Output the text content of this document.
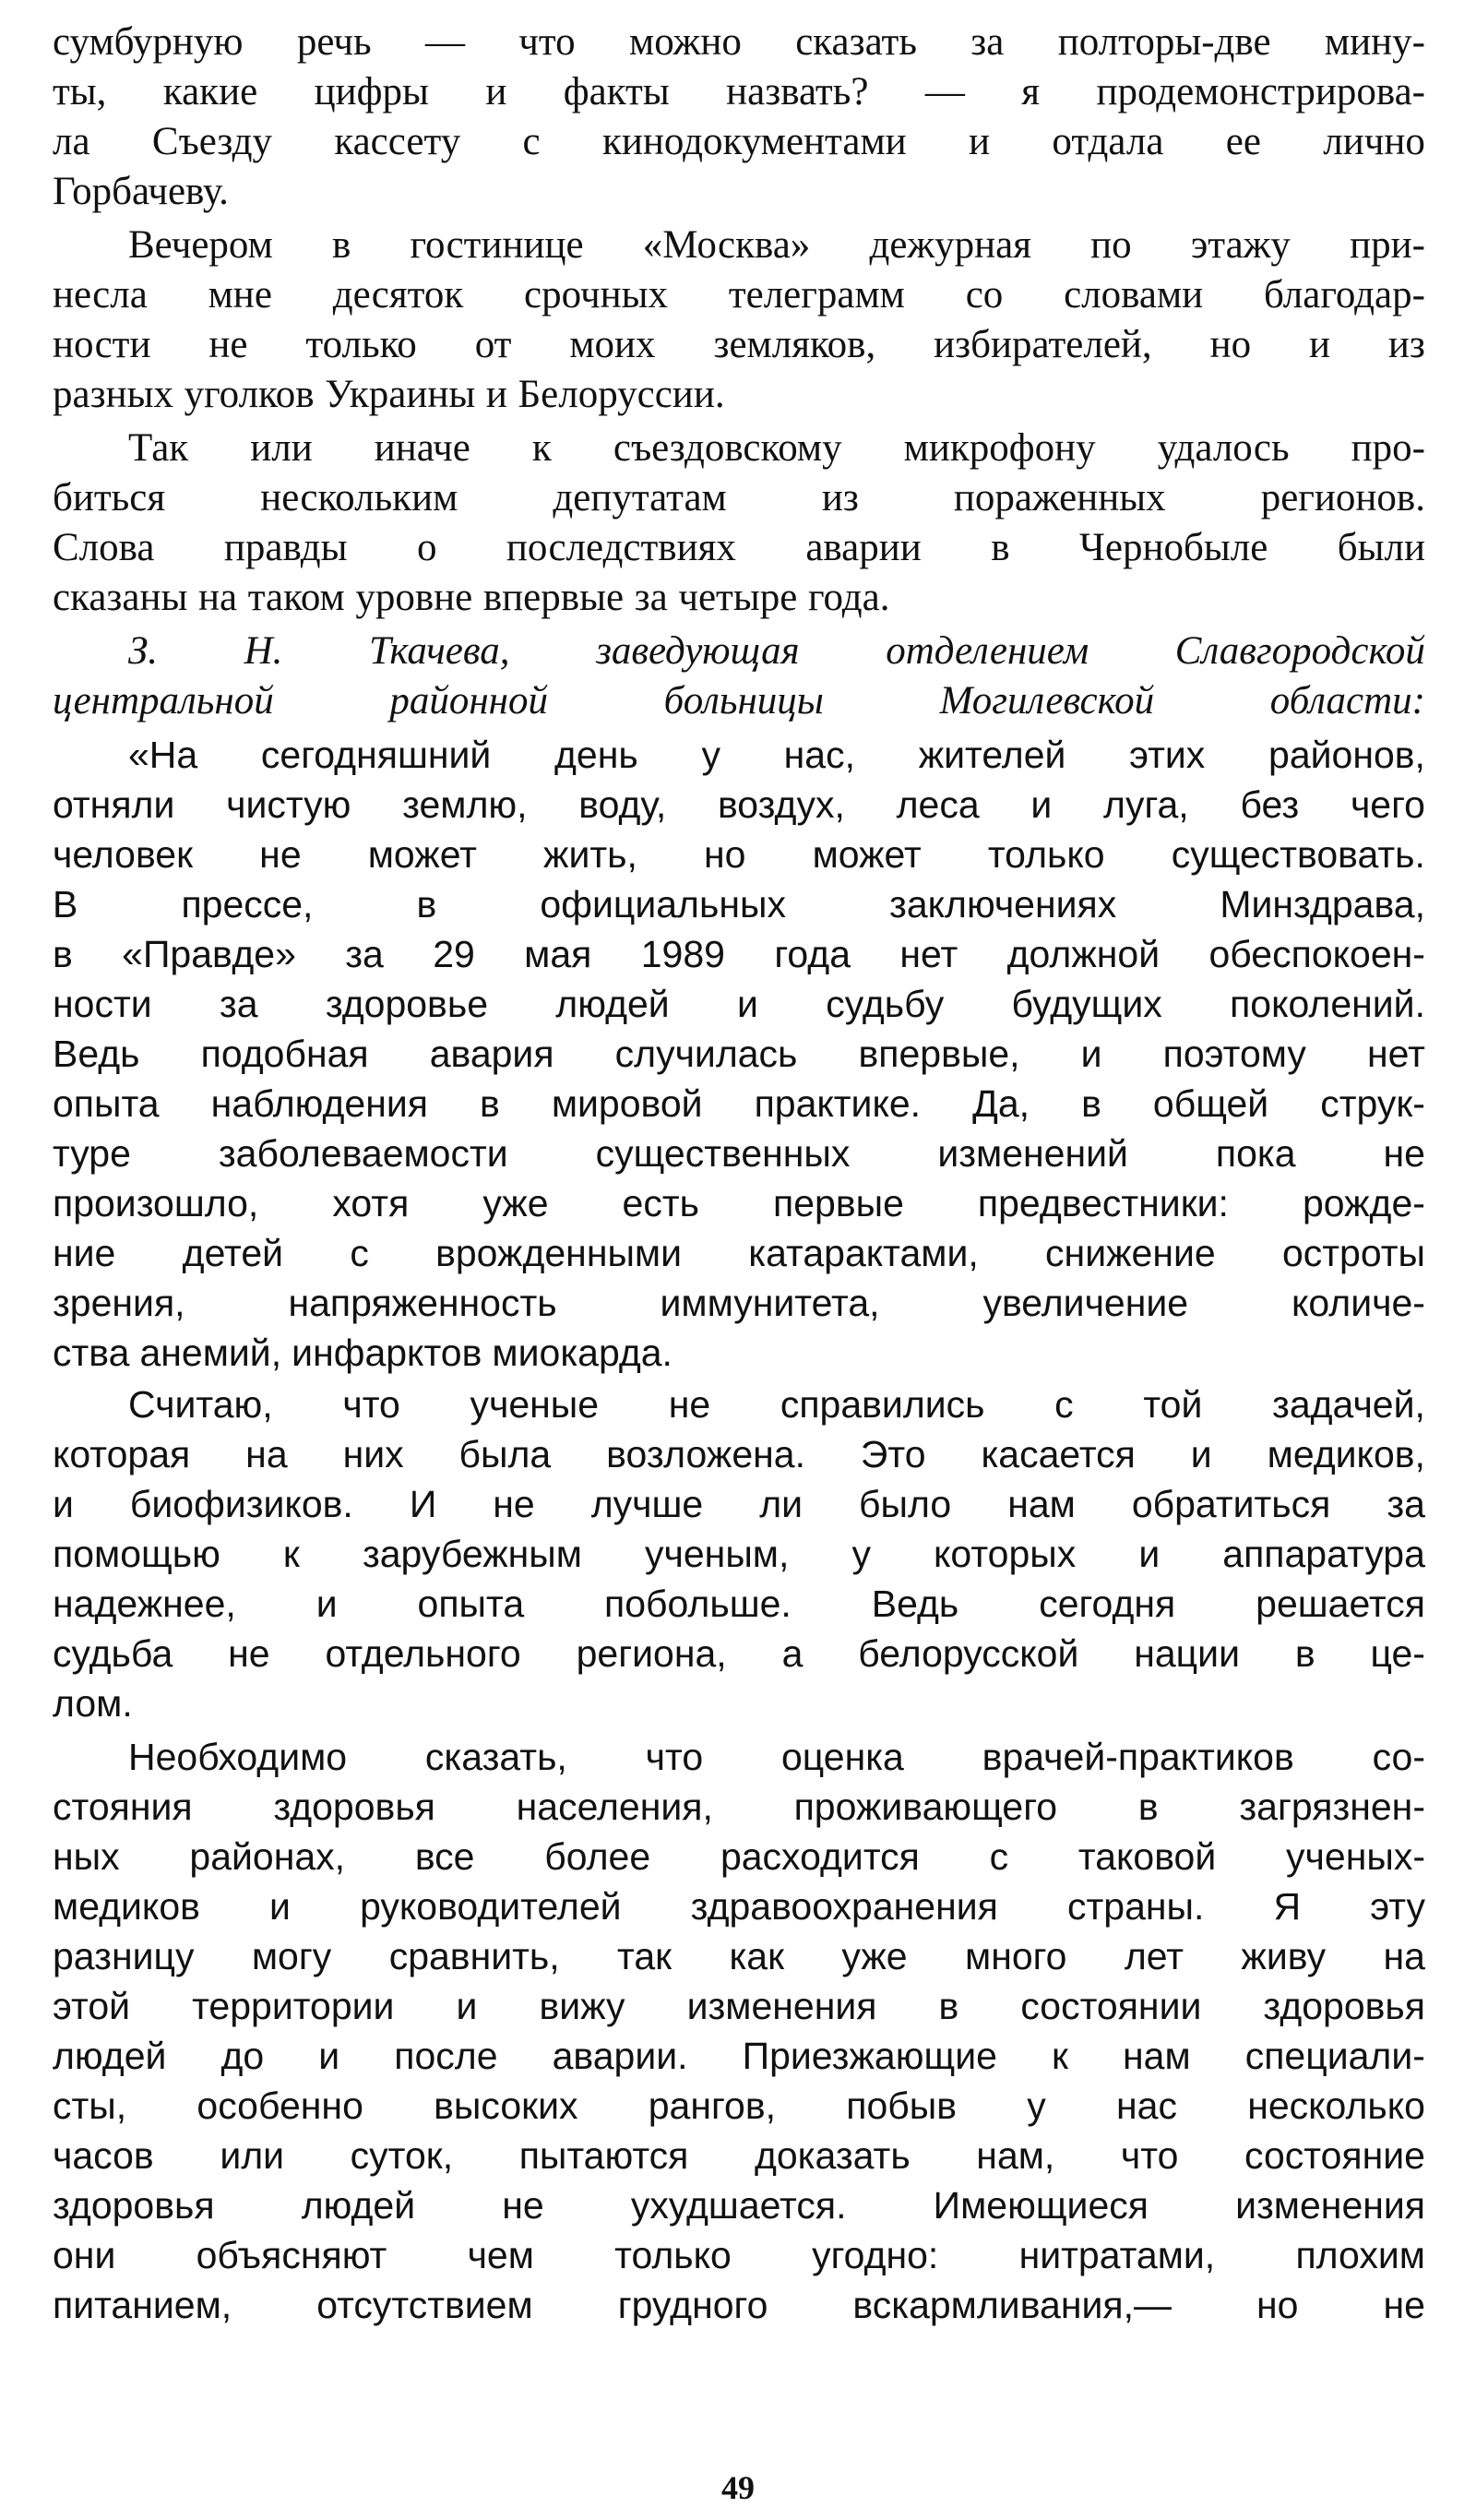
сумбурную речь — что можно сказать за полторы-две мину-
ты, какие цифры и факты назвать? — я продемонстрирова-
ла Съезду кассету с кинодокументами и отдала ее лично
Горбачеву.
Вечером в гостинице «Москва» дежурная по этажу при-
несла мне десяток срочных телеграмм со словами благодар-
ности не только от моих земляков, избирателей, но и из
разных уголков Украины и Белоруссии.
Так или иначе к съездовскому микрофону удалось про-
биться нескольким депутатам из пораженных регионов.
Слова правды о последствиях аварии в Чернобыле были
сказаны на таком уровне впервые за четыре года.
З. Н. Ткачева, заведующая отделением Славгородской
центральной	районной	больницы	Могилевской	области:
«На сегодняшний день у нас, жителей этих районов,
отняли чистую землю, воду, воздух, леса и луга, без чего
человек не может жить, но может только существовать.
В	прессе,	в	официальных	заключениях	Минздрава,
в «Правде» за 29 мая 1989 года нет должной обеспокоен-
ности за здоровье людей и судьбу будущих поколений.
Ведь подобная авария случилась впервые, и поэтому нет
опыта наблюдения в мировой практике. Да, в общей струк-
туре заболеваемости существенных изменений пока не
произошло, хотя уже есть первые предвестники: рожде-
ние детей с врожденными катарактами, снижение остроты
зрения,	напряженность	иммунитета,	увеличение	количе-
ства анемий, инфарктов миокарда.
Считаю, что ученые не справились с той задачей,
которая на них была возложена. Это касается и медиков,
и биофизиков. И не лучше ли было нам обратиться за
помощью к зарубежным ученым, у которых и аппаратура
надежнее, и опыта побольше. Ведь сегодня решается
судьба не отдельного региона, а белорусской нации в це-
лом.
Необходимо сказать, что оценка врачей-практиков со-
стояния здоровья населения, проживающего в загрязнен-
ных районах, все более расходится с таковой ученых-
медиков и руководителей здравоохранения страны. Я эту
разницу могу сравнить, так как уже много лет живу на
этой территории и вижу изменения в состоянии здоровья
людей до и после аварии. Приезжающие к нам специали-
сты, особенно высоких рангов, побыв у нас несколько
часов или суток, пытаются доказать нам, что состояние
здоровья людей не ухудшается. Имеющиеся изменения
они объясняют чем только угодно: нитратами, плохим
питанием, отсутствием грудного вскармливания,— но не
49
